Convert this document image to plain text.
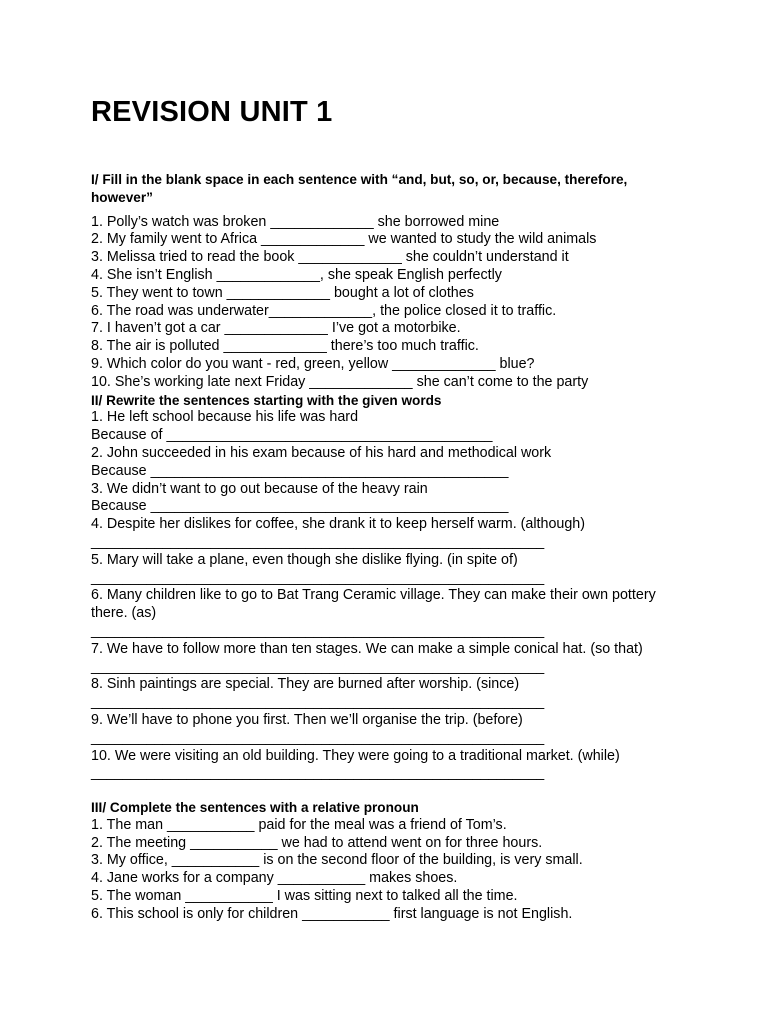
REVISION UNIT 1
I/ Fill in the blank space in each sentence with “and, but, so, or, because, therefore, however”
1. Polly’s watch was broken _____________ she borrowed mine
2. My family went to Africa _____________ we wanted to study the wild animals
3. Melissa tried to read the book _____________ she couldn’t understand it
4. She isn’t English _____________, she speak English perfectly
5. They went to town _____________ bought a lot of clothes
6. The road was underwater_____________, the police closed it to traffic.
7. I haven’t got a car _____________ I’ve got a motorbike.
8. The air is polluted _____________ there’s too much traffic.
9. Which color do you want - red, green, yellow _____________ blue?
10. She’s working late next Friday _____________ she can’t come to the party
II/ Rewrite the sentences starting with the given words
1. He left school because his life was hard
Because of _________________________________________
2. John succeeded in his exam because of his hard and methodical work
Because _____________________________________________
3. We didn’t want to go out because of the heavy rain
Because _____________________________________________
4. Despite her dislikes for coffee, she drank it to keep herself warm. (although)
_________________________________________________________
5. Mary will take a plane, even though she dislike flying. (in spite of)
_________________________________________________________
6. Many children like to go to Bat Trang Ceramic village. They can make their own pottery there. (as)
_________________________________________________________
7. We have to follow more than ten stages. We can make a simple conical hat. (so that)
_________________________________________________________
8. Sinh paintings are special. They are burned after worship. (since)
_________________________________________________________
9. We’ll have to phone you first. Then we’ll organise the trip. (before)
_________________________________________________________
10. We were visiting an old building. They were going to a traditional market. (while)
_________________________________________________________
III/ Complete the sentences with a relative pronoun
1. The man ___________ paid for the meal was a friend of Tom’s.
2. The meeting ___________ we had to attend went on for three hours.
3. My office, ___________ is on the second floor of the building, is very small.
4. Jane works for a company ___________ makes shoes.
5. The woman ___________ I was sitting next to talked all the time.
6. This school is only for children ___________ first language is not English.
